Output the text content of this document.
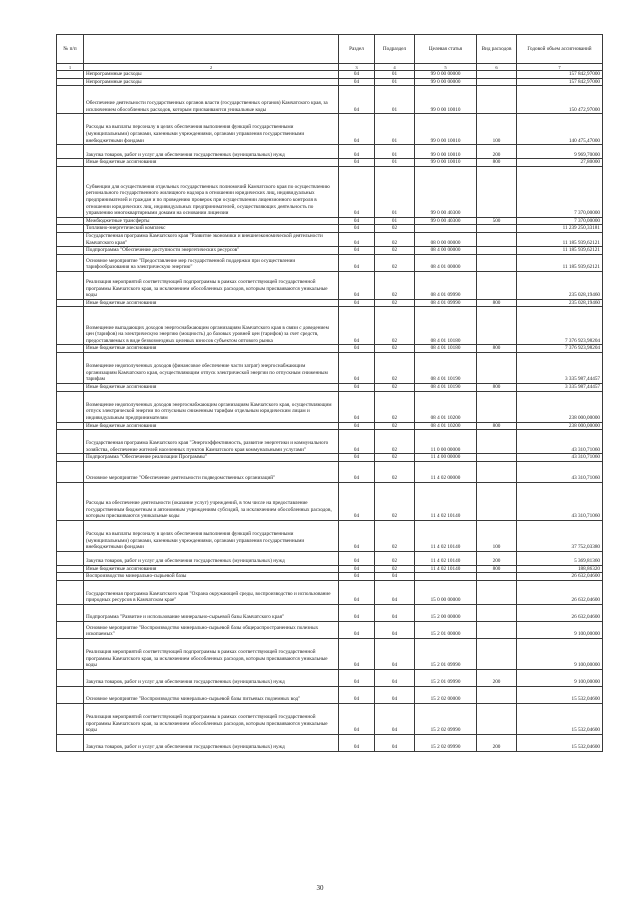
№ п/п		Раздел	Подраздел	Целевая статья	Вид расходов	Годовой объем ассигнований
1	2	3	4	5	6	7
	Непрограммные расходы	04	01	99 0 00 00000		157 842,97000
	Непрограммные расходы	04	01	99 0 00 00000		157 842,97000
	Обеспечение деятельности государственных органов власти (государственных органов) Камчатского края, за исключением обособленных расходов, которым присваиваются уникальные коды	04	01	99 0 00 10010		150 472,97000
	Расходы на выплаты персоналу в целях обеспечения выполнения функций государственными (муниципальными) органами, казенными учреждениями, органами управления государственными внебюджетными фондами	04	01	99 0 00 10010	100	140 475,47000
	Закупка товаров, работ и услуг для обеспечения государственных (муниципальных) нужд	04	01	99 0 00 10010	200	9 969,70000
	Иные бюджетные ассигнования	04	01	99 0 00 10010	800	27,80000
	Субвенции для осуществления отдельных государственных полномочий Камчатского края по осуществлению регионального государственного жилищного надзора в отношении юридических лиц, индивидуальных предпринимателей и граждан и по проведению проверок при осуществлении лицензионного контроля в отношении юридических лиц, индивидуальных предпринимателей, осуществляющих деятельность по управлению многоквартирными домами на основании лицензии	04	01	99 0 00 40300		7 370,00000
	Межбюджетные трансферты	04	01	99 0 00 40300	500	7 370,00000
	Топливно-энергетический комплекс	04	02			11 239 250,33181
	Государственная программа Камчатского края "Развитие экономики и внешнеэкономической деятельности Камчатского края"	04	02	08 0 00 00000		11 185 939,62121
	Подпрограмма "Обеспечение доступности энергетических ресурсов"	04	02	08 4 00 00000		11 185 939,62121
	Основное мероприятие "Предоставление мер государственной поддержки при осуществлении тарифообразования на электрическую энергию"	04	02	08 4 01 00000		11 185 939,62121
	Реализация мероприятий соответствующей подпрограммы в рамках соответствующей государственной программы Камчатского края, за исключением обособленных расходов, которым присваиваются уникальные коды	04	02	08 4 01 09990		235 028,19460
	Иные бюджетные ассигнования	04	02	08 4 01 09990	800	235 028,19460
	Возмещение выпадающих доходов энергоснабжающим организациям Камчатского края в связи с доведением цен (тарифов) на электрическую энергию (мощность) до базовых уровней цен (тарифов) за счет средств, предоставляемых в виде безвозмездных целевых взносов субъектом оптового рынка	04	02	08 4 01 10180		7 376 923,98204
	Иные бюджетные ассигнования	04	02	08 4 01 10180	800	7 376 923,98204
	Возмещение недополученных доходов (финансовое обеспечение части затрат) энергоснабжающим организациям Камчатского края, осуществляющим отпуск электрической энергии по отпускным сниженным тарифам	04	02	08 4 01 10190		3 335 987,44457
	Иные бюджетные ассигнования	04	02	08 4 01 10190	800	3 335 987,44457
	Возмещение недополученных доходов энергоснабжающим организациям Камчатского края, осуществляющим отпуск электрической энергии по отпускным сниженным тарифам отдельным юридическим лицам и индивидуальным предпринимателям	04	02	08 4 01 10200		238 000,00000
	Иные бюджетные ассигнования	04	02	08 4 01 10200	800	238 000,00000
	Государственная программа Камчатского края "Энергоэффективность, развитие энергетики и коммунального хозяйства, обеспечение жителей населенных пунктов Камчатского края коммунальными услугами"	04	02	11 0 00 00000		43 310,71060
	Подпрограмма "Обеспечение реализации Программы"	04	02	11 4 00 00000		43 310,71060
	Основное мероприятие "Обеспечение деятельности подведомственных организаций"	04	02	11 4 02 00000		43 310,71060
	Расходы на обеспечение деятельности (оказание услуг) учреждений, в том числе на предоставление государственным бюджетным и автономным учреждениям субсидий, за исключением обособленных расходов, которым присваиваются уникальные коды	04	02	11 4 02 10140		43 310,71060
	Расходы на выплаты персоналу в целях обеспечения выполнения функций государственными (муниципальными) органами, казенными учреждениями, органами управления государственными внебюджетными фондами	04	02	11 4 02 10140	100	37 752,03380
	Закупка товаров, работ и услуг для обеспечения государственных (муниципальных) нужд	04	02	11 4 02 10140	200	5 369,81360
	Иные бюджетные ассигнования	04	02	11 4 02 10140	800	188,86320
	Воспроизводство минерально-сырьевой базы	04	04			26 632,04600
	Государственная программа Камчатского края "Охрана окружающей среды, воспроизводство и использование природных ресурсов в Камчатском крае"	04	04	15 0 00 00000		26 632,04600
	Подпрограмма "Развитие и использование минерально-сырьевой базы Камчатского края"	04	04	15 2 00 00000		26 632,04600
	Основное мероприятие "Воспроизводство минерально-сырьевой базы общераспространенных полезных ископаемых"	04	04	15 2 01 00000		9 100,00000
	Реализация мероприятий соответствующей подпрограммы в рамках соответствующей государственной программы Камчатского края, за исключением обособленных расходов, которым присваиваются уникальные коды	04	04	15 2 01 09990		9 100,00000
	Закупка товаров, работ и услуг для обеспечения государственных (муниципальных) нужд	04	04	15 2 01 09990	200	9 100,00000
	Основное мероприятие "Воспроизводство минерально-сырьевой базы питьевых подземных вод"	04	04	15 2 02 00000		15 532,04600
	Реализация мероприятий соответствующей подпрограммы в рамках соответствующей государственной программы Камчатского края, за исключением обособленных расходов, которым присваиваются уникальные коды	04	04	15 2 02 09990		15 532,04600
	Закупка товаров, работ и услуг для обеспечения государственных (муниципальных) нужд	04	04	15 2 02 09990	200	15 532,04600
30
